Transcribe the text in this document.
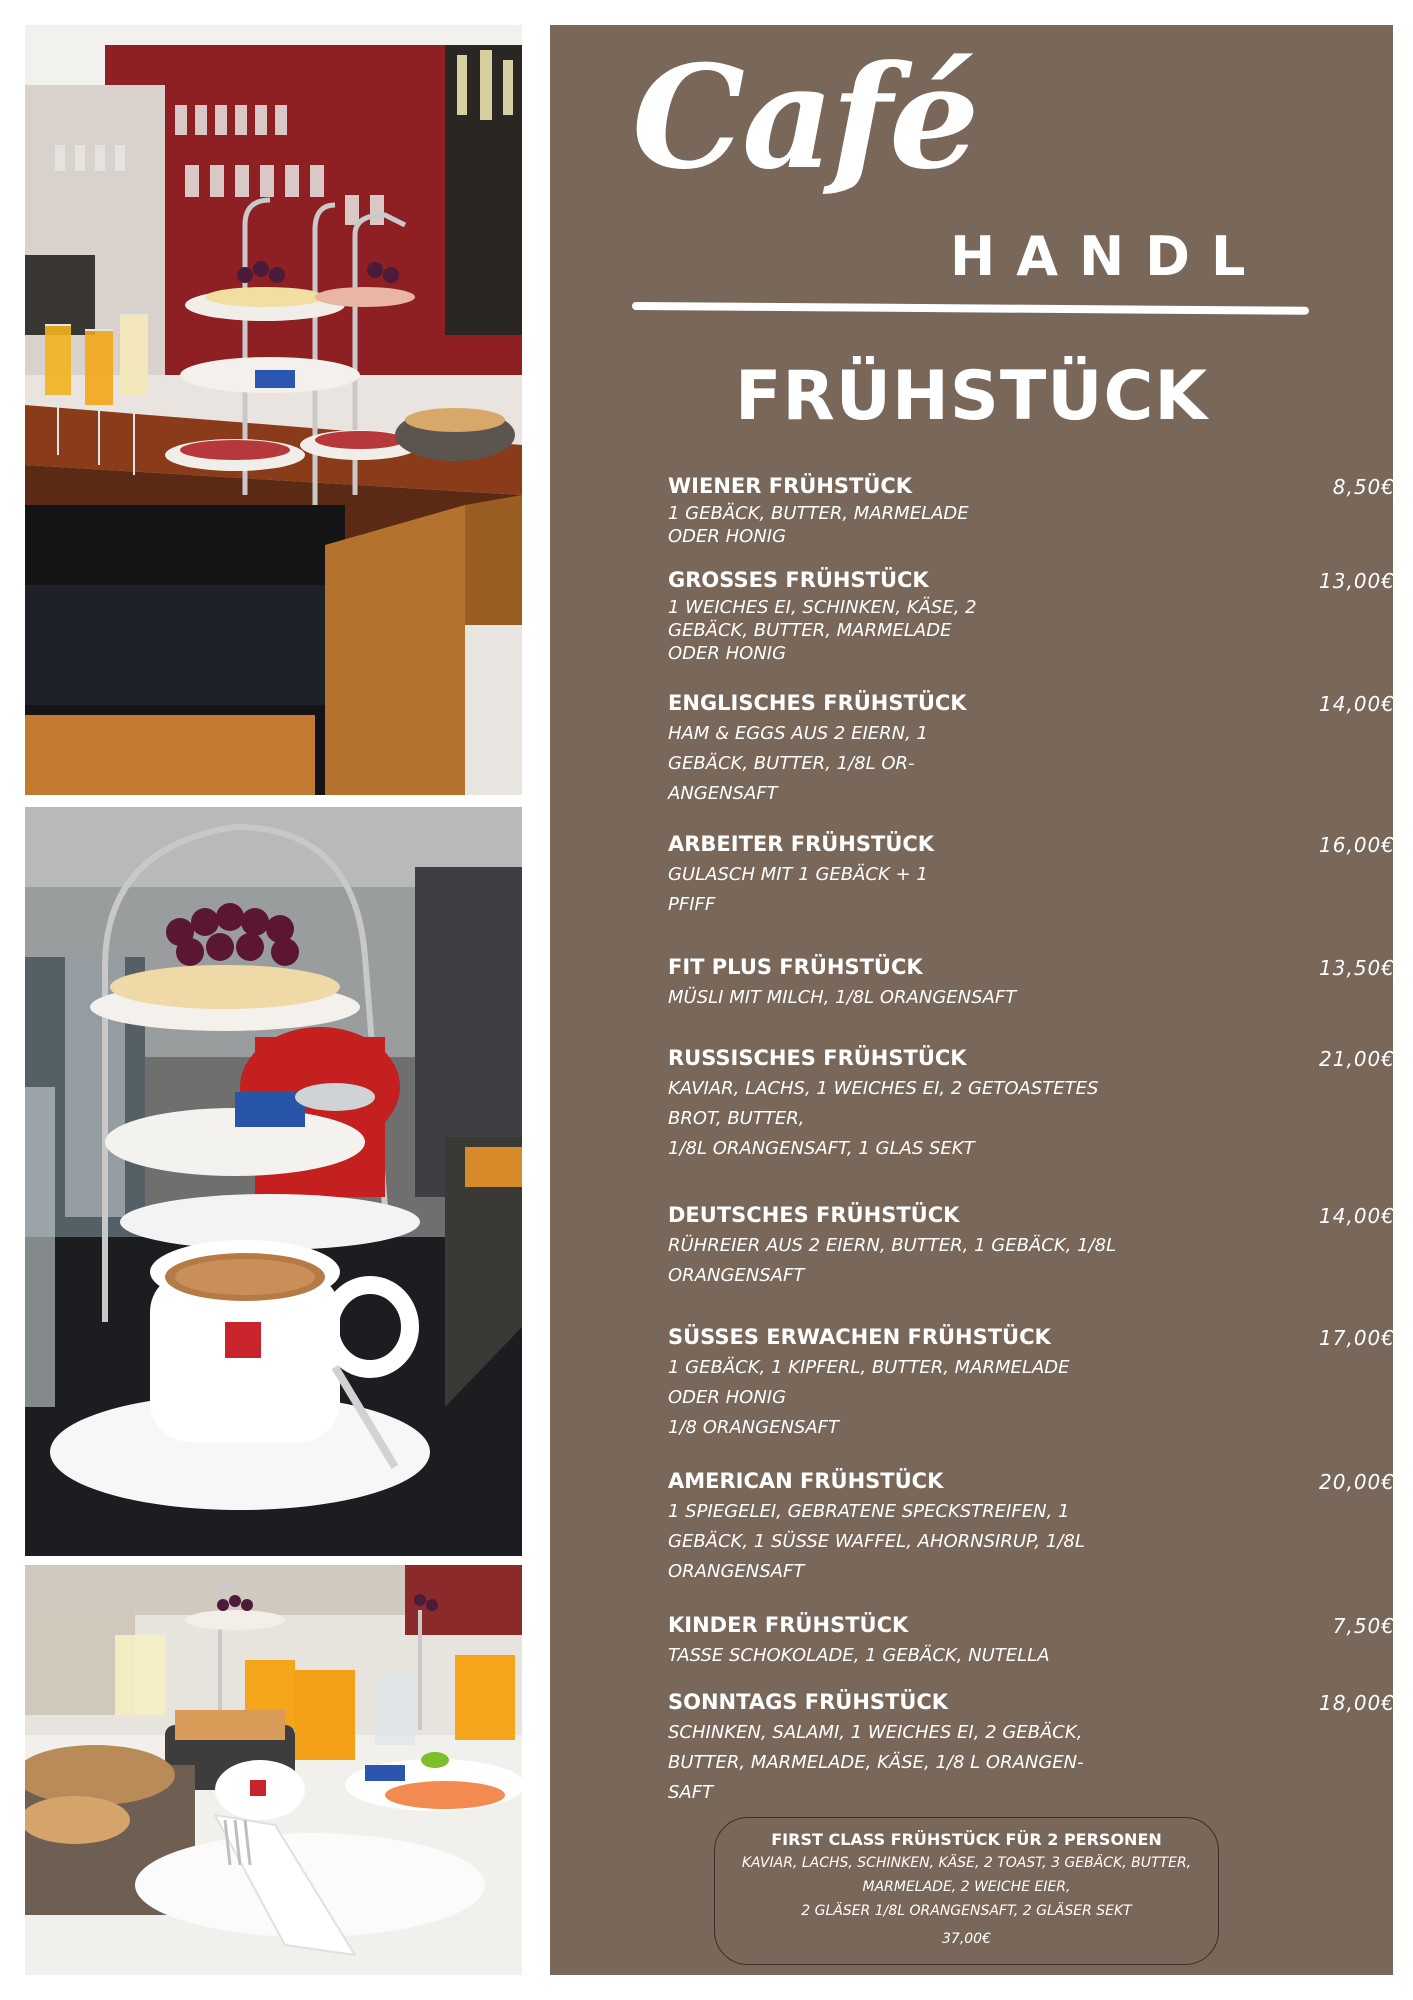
Café
HANDL
FRÜHSTÜCK
WIENER FRÜHSTÜCK
1 GEBÄCK, BUTTER, MARMELADE
ODER HONIG
8,50€
GROSSES FRÜHSTÜCK
1 WEICHES EI, SCHINKEN, KÄSE, 2
GEBÄCK, BUTTER, MARMELADE
ODER HONIG
13,00€
ENGLISCHES FRÜHSTÜCK
HAM & EGGS AUS 2 EIERN, 1
GEBÄCK, BUTTER, 1/8L OR-
ANGENSAFT
14,00€
ARBEITER FRÜHSTÜCK
GULASCH MIT 1 GEBÄCK + 1
PFIFF
16,00€
FIT PLUS FRÜHSTÜCK
MÜSLI MIT MILCH, 1/8L ORANGENSAFT
13,50€
RUSSISCHES FRÜHSTÜCK
KAVIAR, LACHS, 1 WEICHES EI, 2 GETOASTETES
BROT, BUTTER,
1/8L ORANGENSAFT, 1 GLAS SEKT
21,00€
DEUTSCHES FRÜHSTÜCK
RÜHREIER AUS 2 EIERN, BUTTER, 1 GEBÄCK, 1/8L
ORANGENSAFT
14,00€
SÜSSES ERWACHEN FRÜHSTÜCK
1 GEBÄCK, 1 KIPFERL, BUTTER, MARMELADE
ODER HONIG
1/8 ORANGENSAFT
17,00€
AMERICAN FRÜHSTÜCK
1 SPIEGELEI, GEBRATENE SPECKSTREIFEN, 1
GEBÄCK, 1 SÜSSE WAFFEL, AHORNSIRUP, 1/8L
ORANGENSAFT
20,00€
KINDER FRÜHSTÜCK
TASSE SCHOKOLADE, 1 GEBÄCK, NUTELLA
7,50€
SONNTAGS FRÜHSTÜCK
SCHINKEN, SALAMI, 1 WEICHES EI, 2 GEBÄCK,
BUTTER, MARMELADE, KÄSE, 1/8 L ORANGEN-
SAFT
18,00€
FIRST CLASS FRÜHSTÜCK FÜR 2 PERSONEN
KAVIAR, LACHS, SCHINKEN, KÄSE, 2 TOAST, 3 GEBÄCK, BUTTER,
MARMELADE, 2 WEICHE EIER,
2 GLÄSER 1/8L ORANGENSAFT, 2 GLÄSER SEKT
37,00€
